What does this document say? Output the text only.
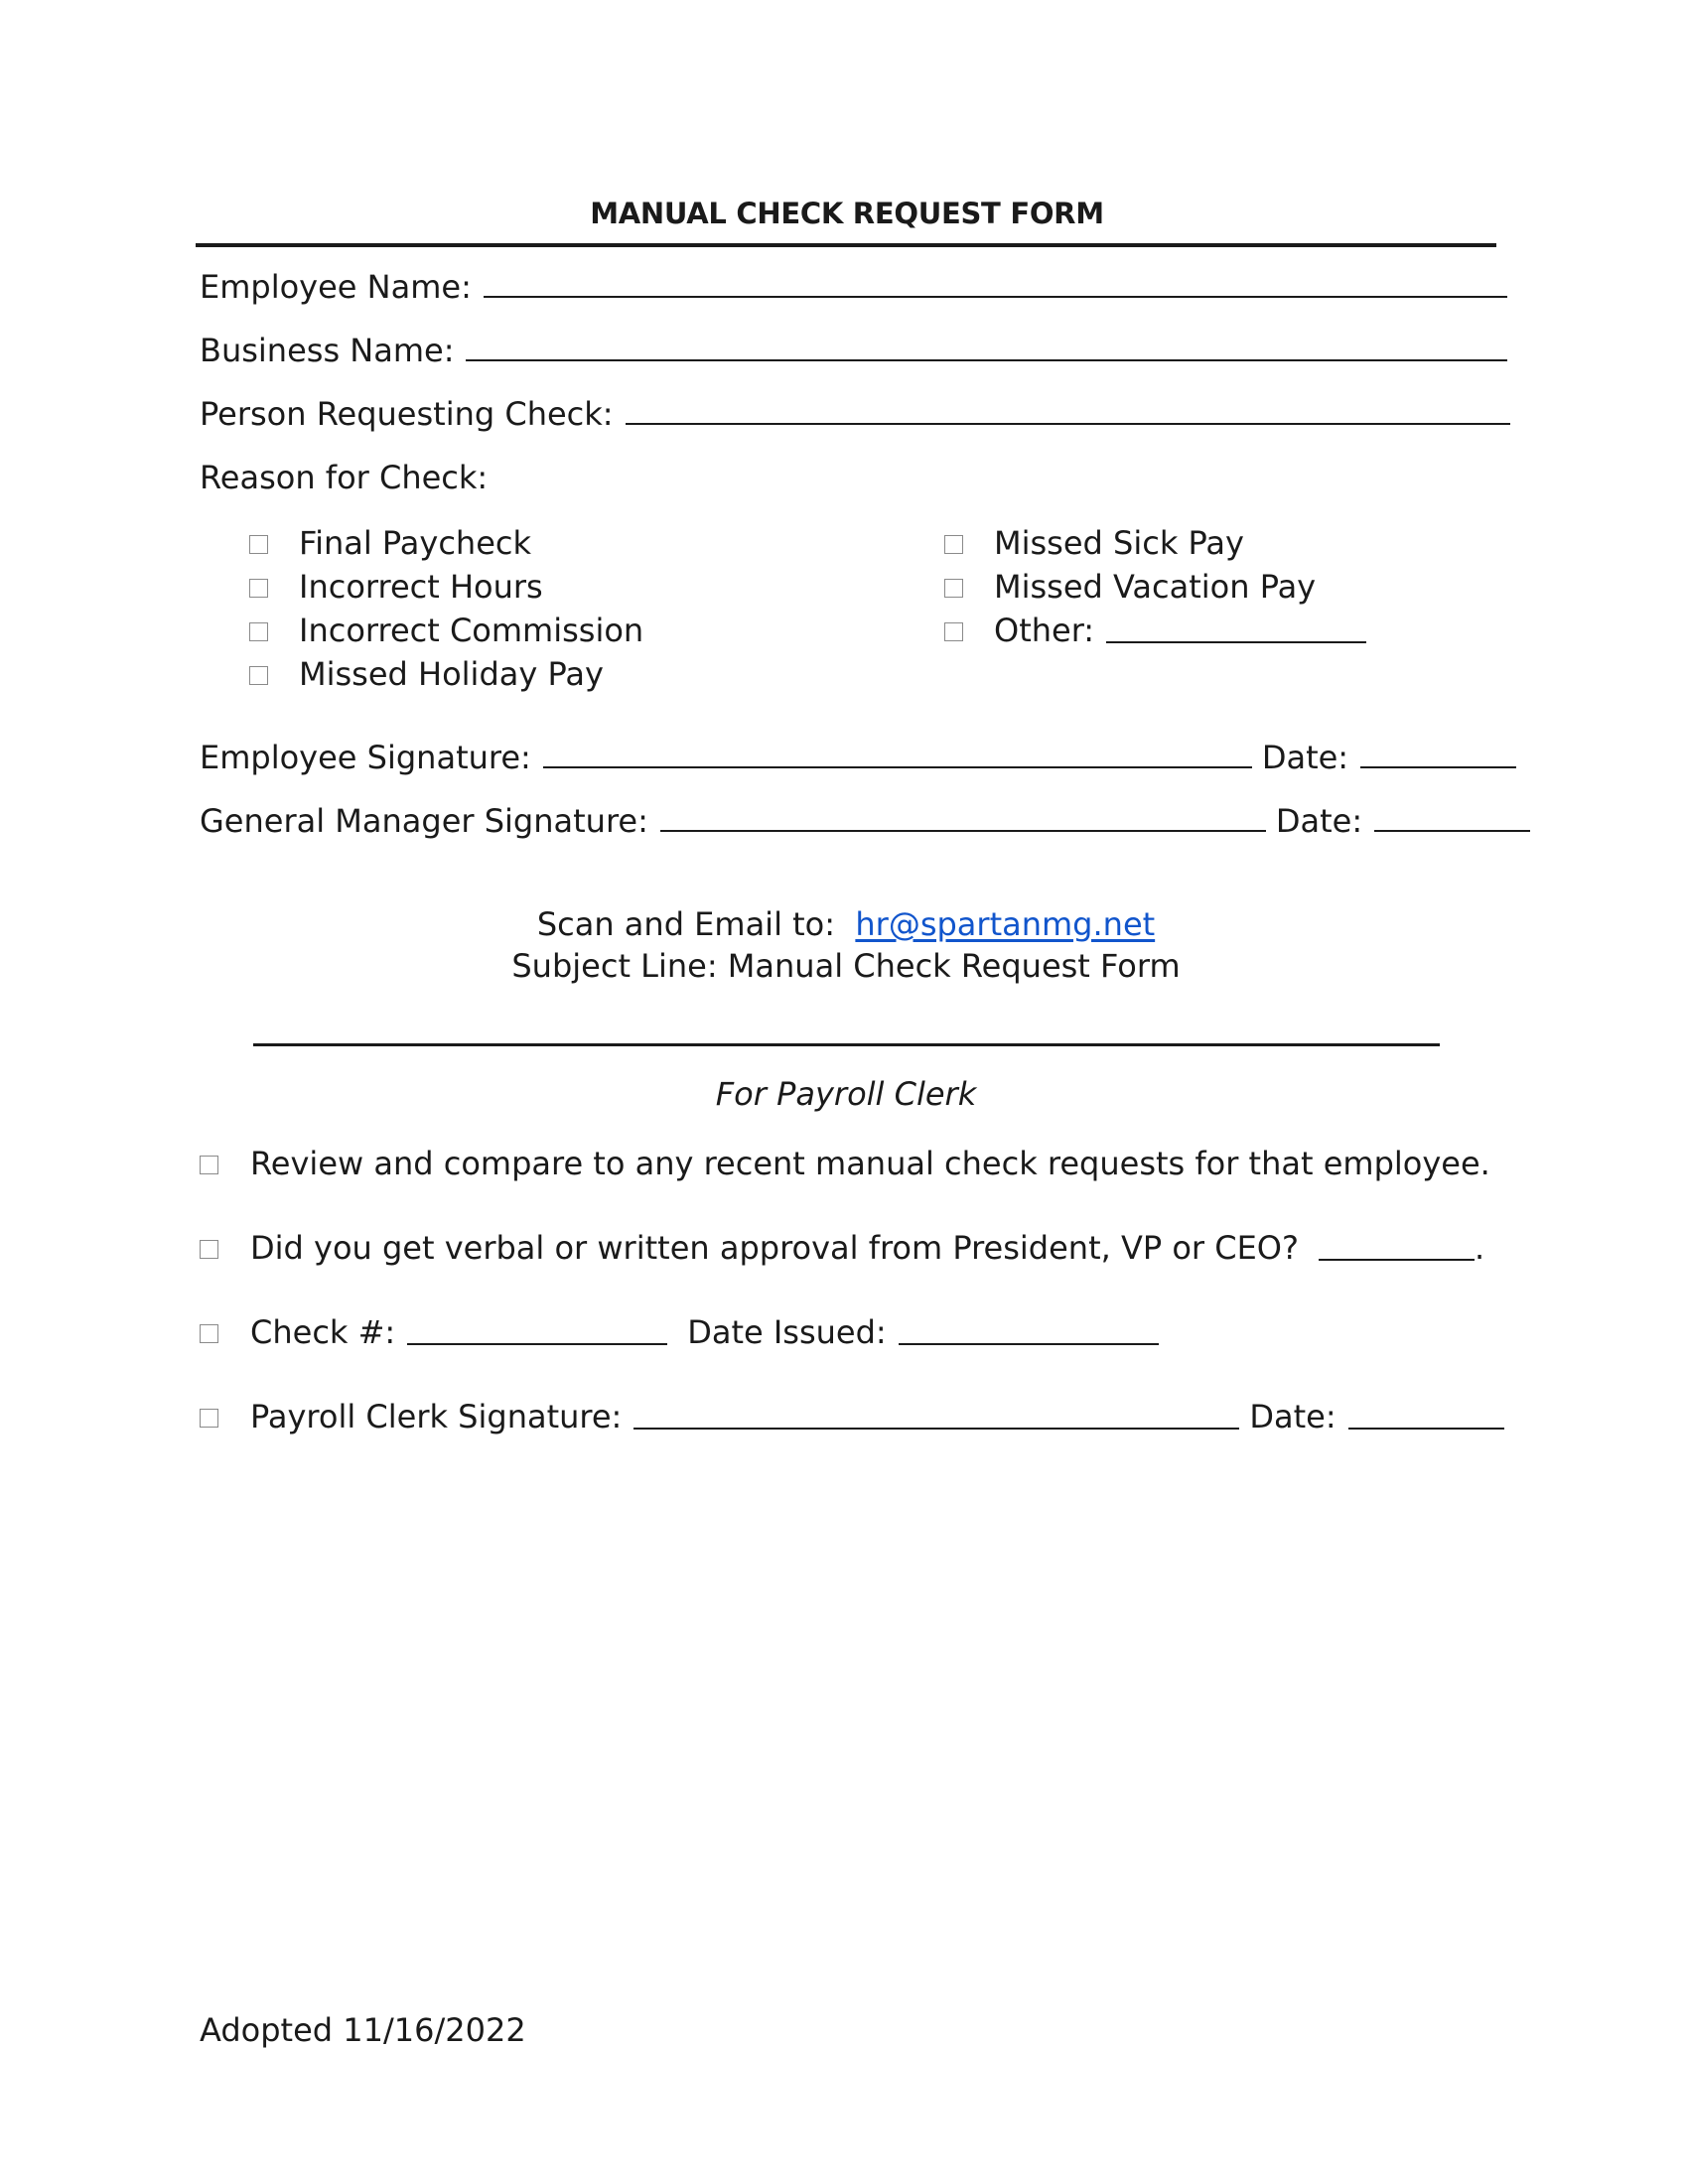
MANUAL CHECK REQUEST FORM
Employee Name:
Business Name:
Person Requesting Check:
Reason for Check:
Final Paycheck
Incorrect Hours
Incorrect Commission
Missed Holiday Pay
Missed Sick Pay
Missed Vacation Pay
Other:
Employee Signature:	Date:
General Manager Signature:	Date:
Scan and Email to: hr@spartanmg.net
Subject Line: Manual Check Request Form
For Payroll Clerk
Review and compare to any recent manual check requests for that employee.
Did you get verbal or written approval from President, VP or CEO?	.
Check #:	Date Issued:
Payroll Clerk Signature:	Date:
Adopted 11/16/2022
